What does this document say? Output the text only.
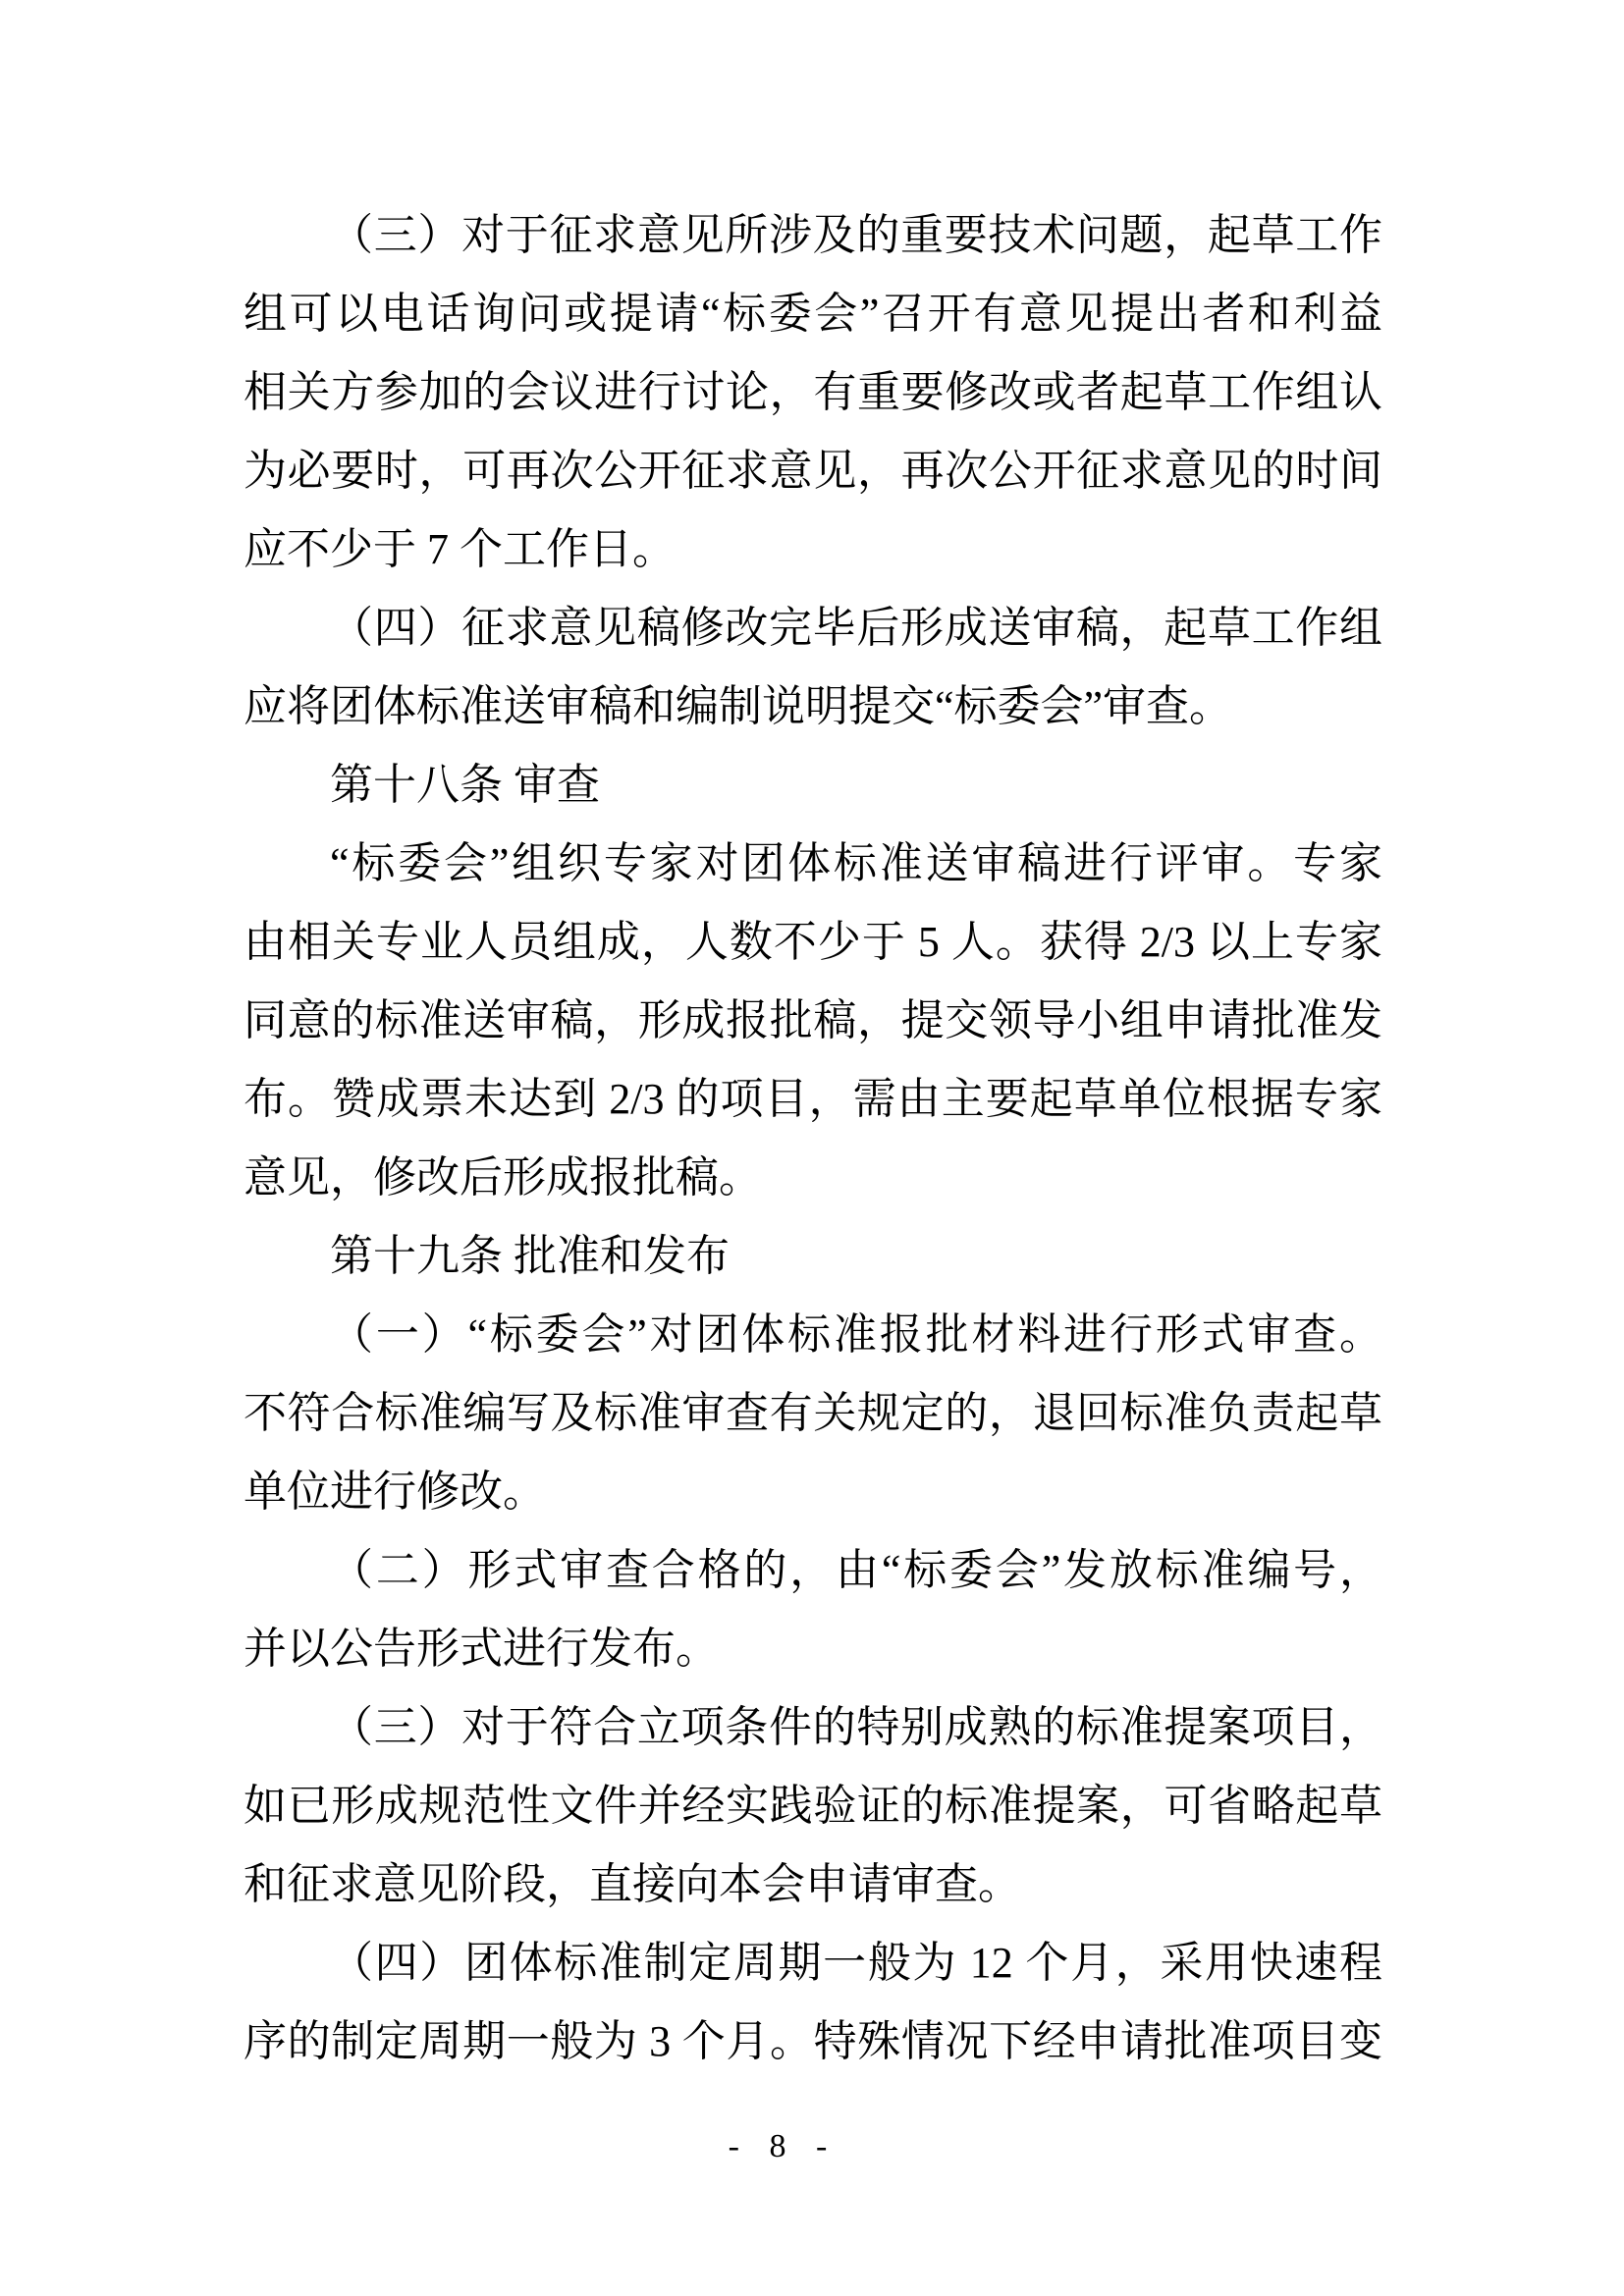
（三）对于征求意见所涉及的重要技术问题，起草工作
组可以电话询问或提请“标委会”召开有意见提出者和利益
相关方参加的会议进行讨论，有重要修改或者起草工作组认
为必要时，可再次公开征求意见，再次公开征求意见的时间
应不少于 7 个工作日。
（四）征求意见稿修改完毕后形成送审稿，起草工作组
应将团体标准送审稿和编制说明提交“标委会”审查。
第十八条 审查
“标委会”组织专家对团体标准送审稿进行评审。专家
由相关专业人员组成，人数不少于 5 人。获得 2/3 以上专家
同意的标准送审稿，形成报批稿，提交领导小组申请批准发
布。赞成票未达到 2/3 的项目，需由主要起草单位根据专家
意见，修改后形成报批稿。
第十九条 批准和发布
（一）“标委会”对团体标准报批材料进行形式审查。
不符合标准编写及标准审查有关规定的，退回标准负责起草
单位进行修改。
（二）形式审查合格的，由“标委会”发放标准编号，
并以公告形式进行发布。
（三）对于符合立项条件的特别成熟的标准提案项目，
如已形成规范性文件并经实践验证的标准提案，可省略起草
和征求意见阶段，直接向本会申请审查。
（四）团体标准制定周期一般为 12 个月，采用快速程
序的制定周期一般为 3 个月。特殊情况下经申请批准项目变
- 8 -
